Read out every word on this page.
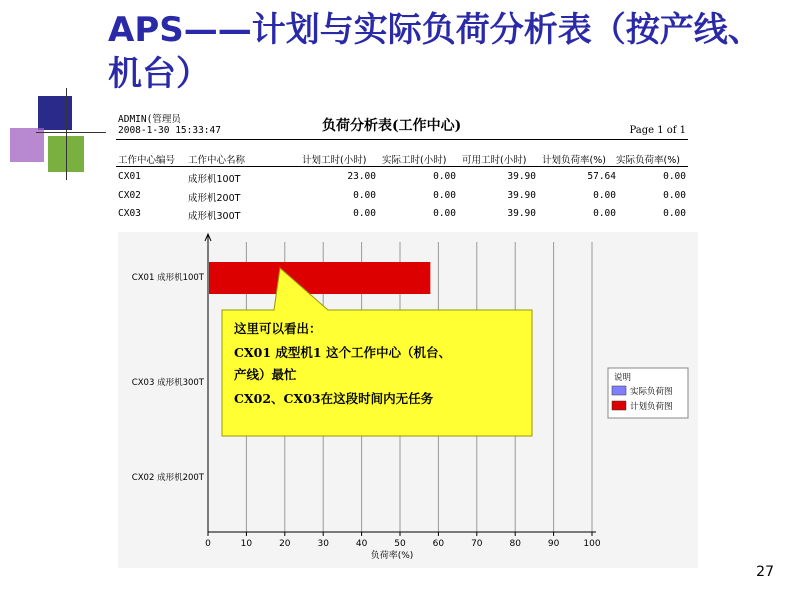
APS——计划与实际负荷分析表（按产线、机台）
ADMIN(管理员
2008-1-30 15:33:47	负荷分析表(工作中心)	Page 1 of 1
工作中心编号 工作中心名称	计划工时(小时) 实际工时(小时) 可用工时(小时) 计划负荷率(%) 实际负荷率(%)
CX01	成形机100T	23.00	0.00	39.90	57.64	0.00
CX02	成形机200T	0.00	0.00	39.90	0.00	0.00
CX03	成形机300T	0.00	0.00	39.90	0.00	0.00
0	10	20	30	40	50	60	70	80	90	100
负荷率(%)
CX01 成形机100T
CX03 成形机300T
CX02 成形机200T
这里可以看出：
CX01 成型机1 这个工作中心（机台、
产线）最忙
CX02、CX03在这段时间内无任务
说明
实际负荷图
计划负荷图
27
